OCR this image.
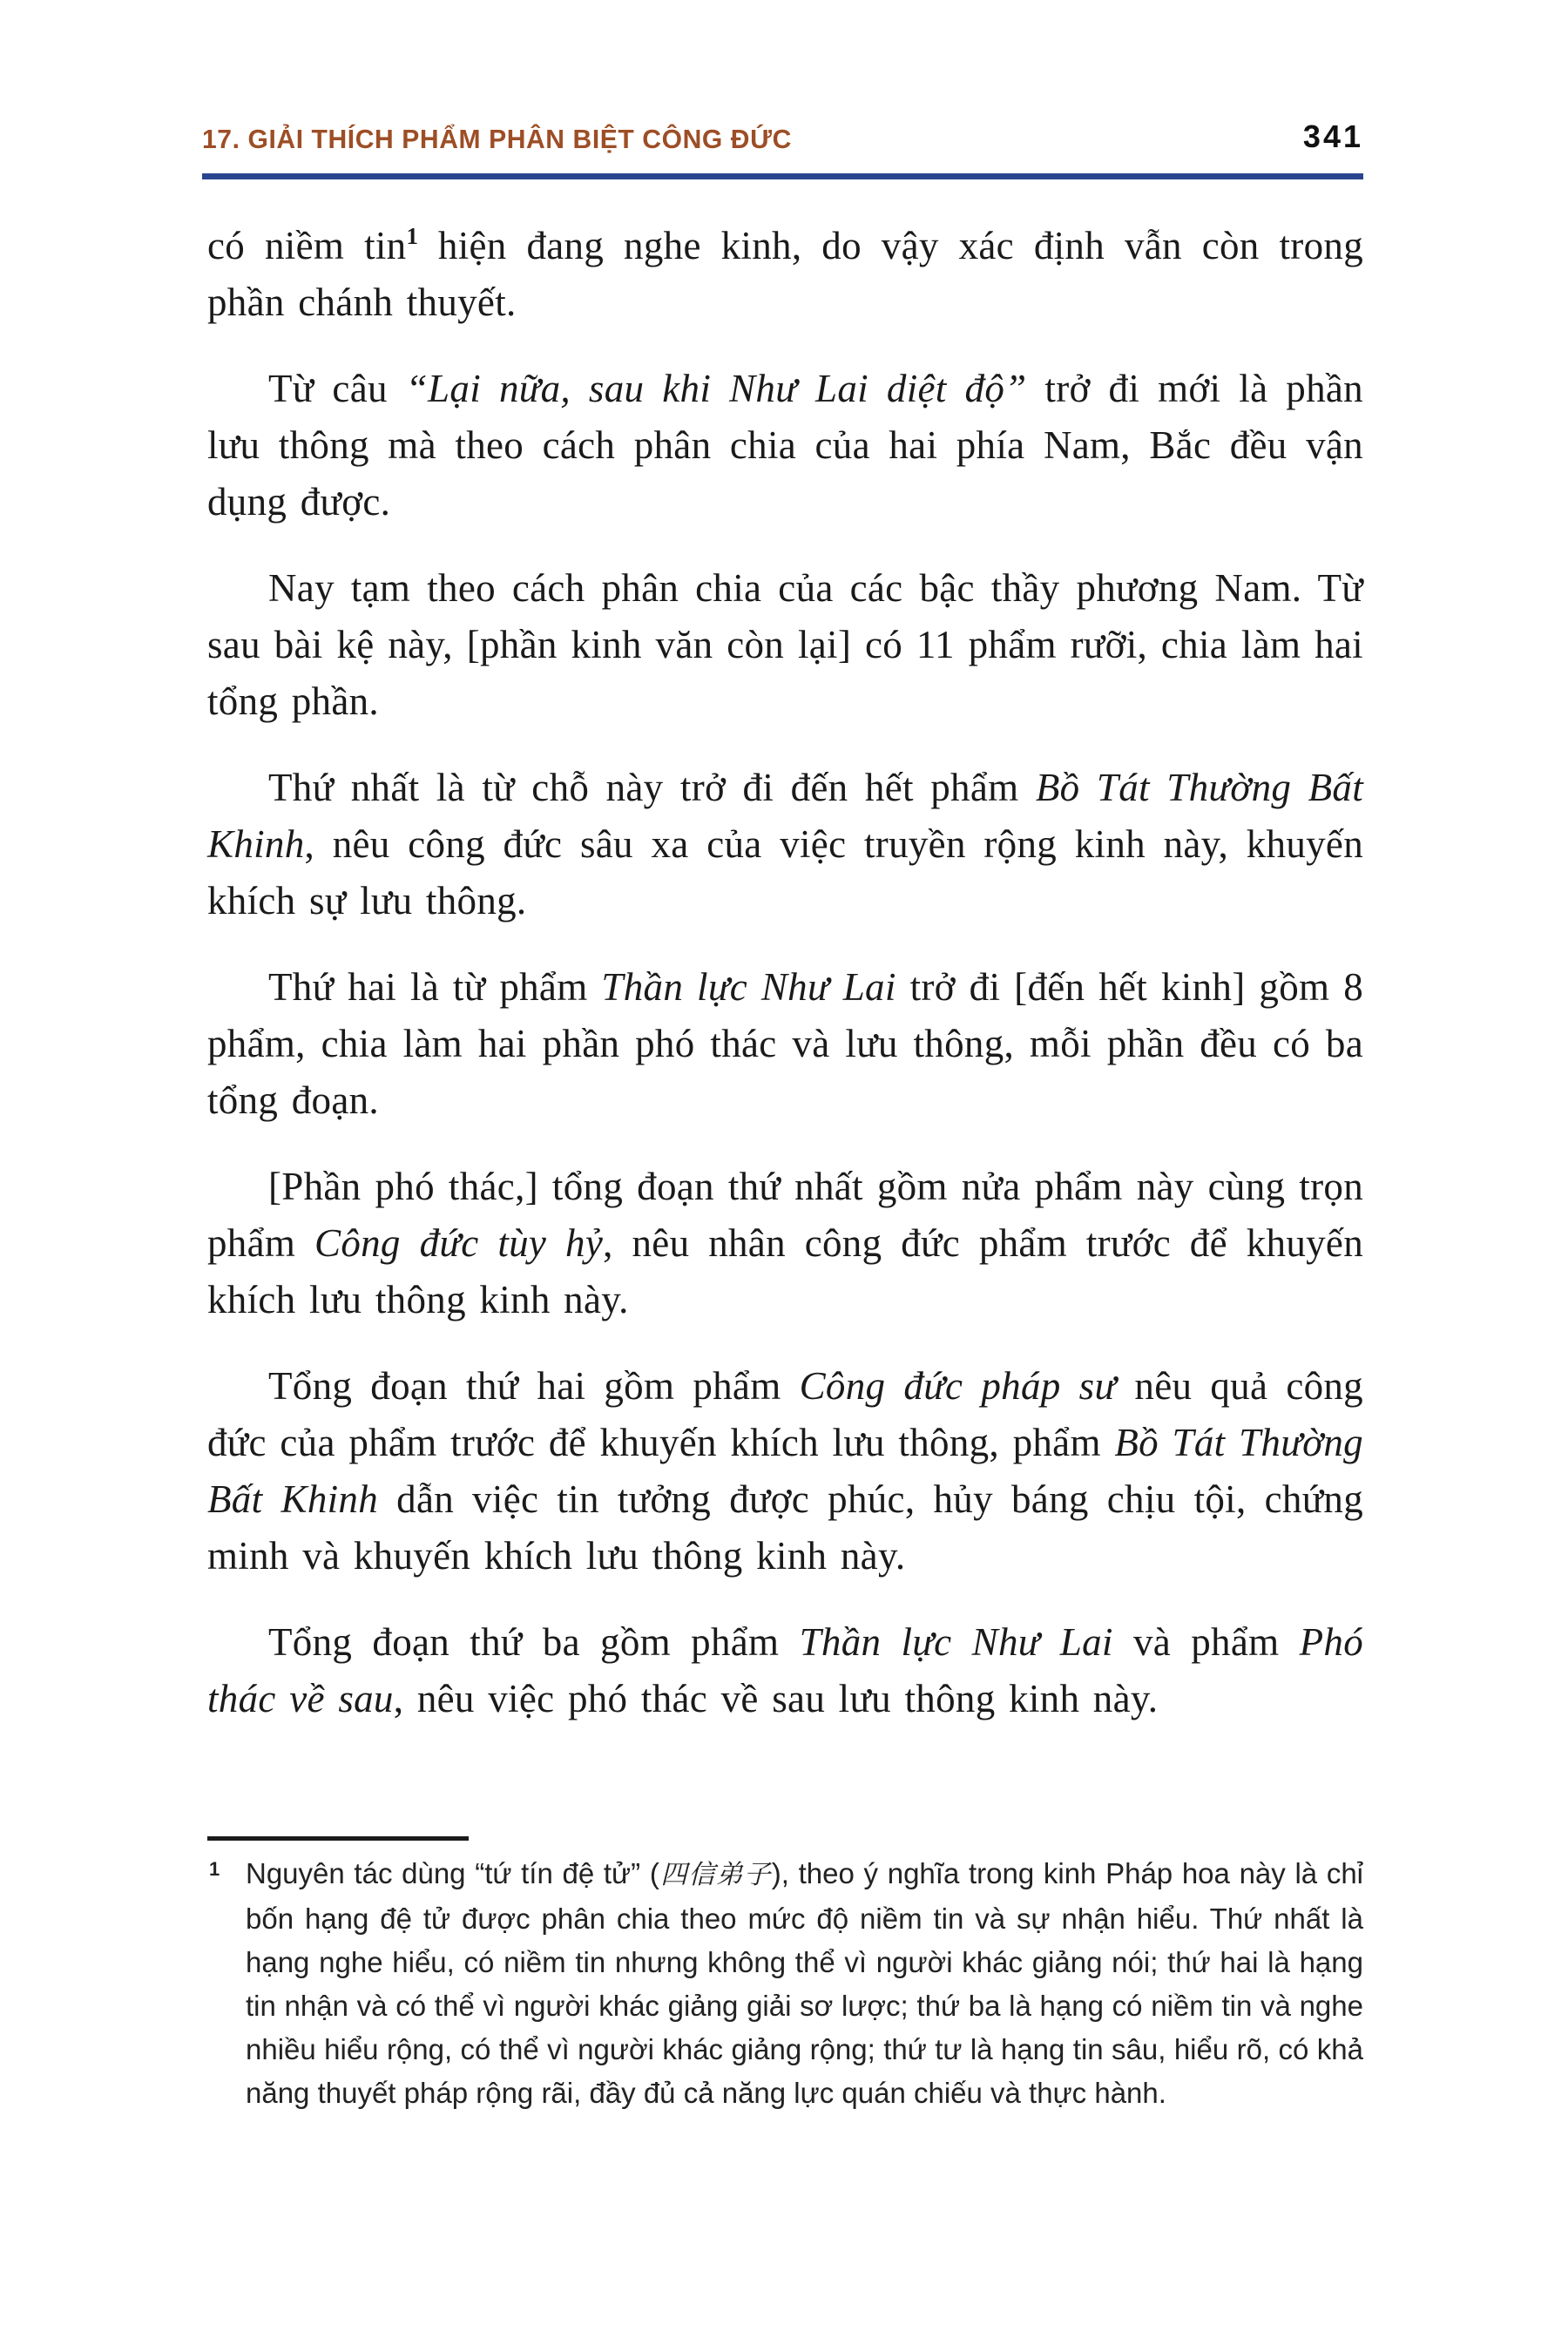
17. GIẢI THÍCH PHẨM PHÂN BIỆT CÔNG ĐỨC	341

có niềm tin$^1$ hiện đang nghe kinh, do vậy xác định vẫn còn trong phần chánh thuyết.

Từ câu “Lại nữa, sau khi Như Lai diệt độ” trở đi mới là phần lưu thông mà theo cách phân chia của hai phía Nam, Bắc đều vận dụng được.

Nay tạm theo cách phân chia của các bậc thầy phương Nam. Từ sau bài kệ này, [phần kinh văn còn lại] có 11 phẩm rưỡi, chia làm hai tổng phần.

Thứ nhất là từ chỗ này trở đi đến hết phẩm Bồ Tát Thường Bất Khinh, nêu công đức sâu xa của việc truyền rộng kinh này, khuyến khích sự lưu thông.

Thứ hai là từ phẩm Thần lực Như Lai trở đi [đến hết kinh] gồm 8 phẩm, chia làm hai phần phó thác và lưu thông, mỗi phần đều có ba tổng đoạn.

[Phần phó thác,] tổng đoạn thứ nhất gồm nửa phẩm này cùng trọn phẩm Công đức tùy hỷ, nêu nhân công đức phẩm trước để khuyến khích lưu thông kinh này.

Tổng đoạn thứ hai gồm phẩm Công đức pháp sư nêu quả công đức của phẩm trước để khuyến khích lưu thông, phẩm Bồ Tát Thường Bất Khinh dẫn việc tin tưởng được phúc, hủy báng chịu tội, chứng minh và khuyến khích lưu thông kinh này.

Tổng đoạn thứ ba gồm phẩm Thần lực Như Lai và phẩm Phó thác về sau, nêu việc phó thác về sau lưu thông kinh này.

1 Nguyên tác dùng “tứ tín đệ tử” (四信弟子), theo ý nghĩa trong kinh Pháp hoa này là chỉ bốn hạng đệ tử được phân chia theo mức độ niềm tin và sự nhận hiểu. Thứ nhất là hạng nghe hiểu, có niềm tin nhưng không thể vì người khác giảng nói; thứ hai là hạng tin nhận và có thể vì người khác giảng giải sơ lược; thứ ba là hạng có niềm tin và nghe nhiều hiểu rộng, có thể vì người khác giảng rộng; thứ tư là hạng tin sâu, hiểu rõ, có khả năng thuyết pháp rộng rãi, đầy đủ cả năng lực quán chiếu và thực hành.
